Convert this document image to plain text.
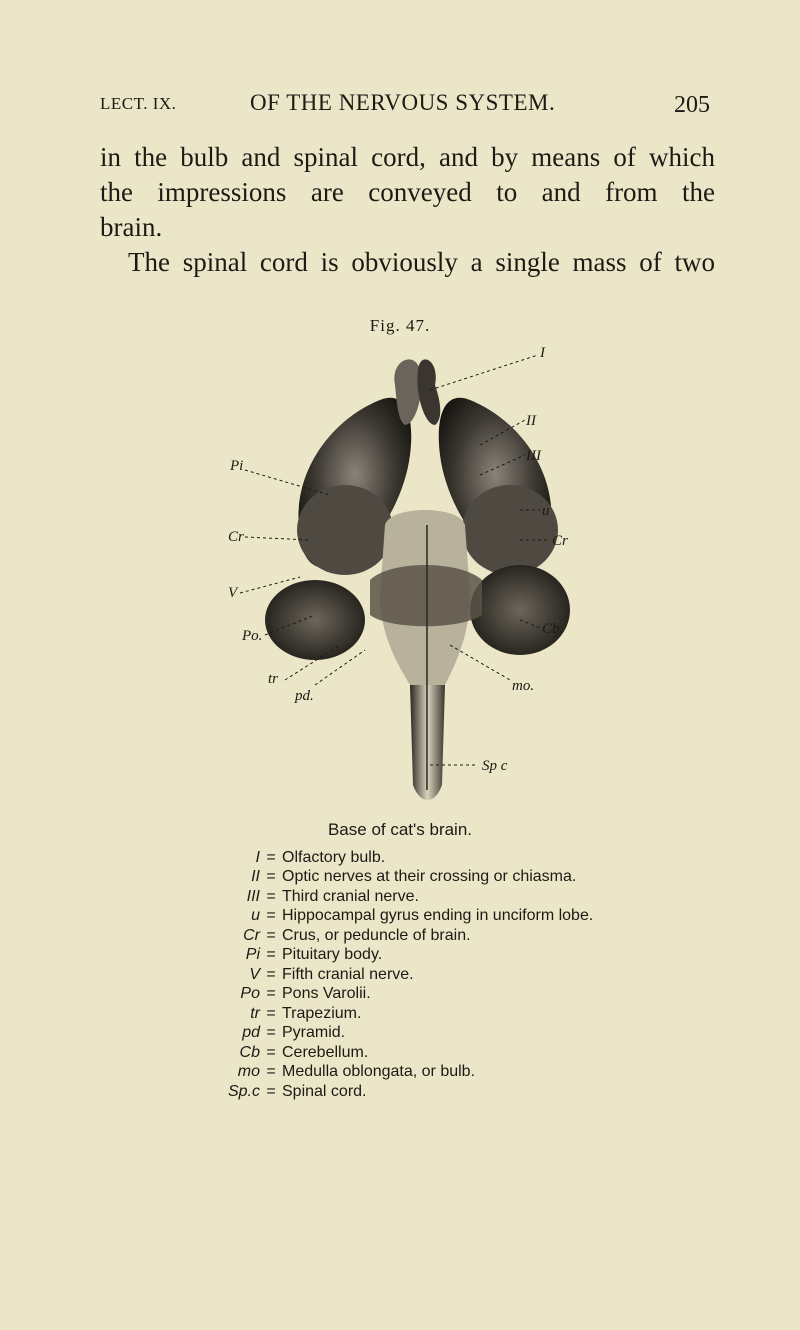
LECT. IX.	OF THE NERVOUS SYSTEM.	205

in the bulb and spinal cord, and by means of which

the impressions are conveyed to and from the

brain.

The spinal cord is obviously a single mass of two

Fig. 47.
I
II
III
u
Cr
Cb.
mo.
Sp c
Pi
Cr
V
Po.
tr
pd.
Base of cat's brain.
I = Olfactory bulb.
II = Optic nerves at their crossing or chiasma.
III = Third cranial nerve.
u = Hippocampal gyrus ending in unciform lobe.
Cr = Crus, or peduncle of brain.
Pi = Pituitary body.
V = Fifth cranial nerve.
Po = Pons Varolii.
tr = Trapezium.
pd = Pyramid.
Cb = Cerebellum.
mo = Medulla oblongata, or bulb.
Sp.c = Spinal cord.
